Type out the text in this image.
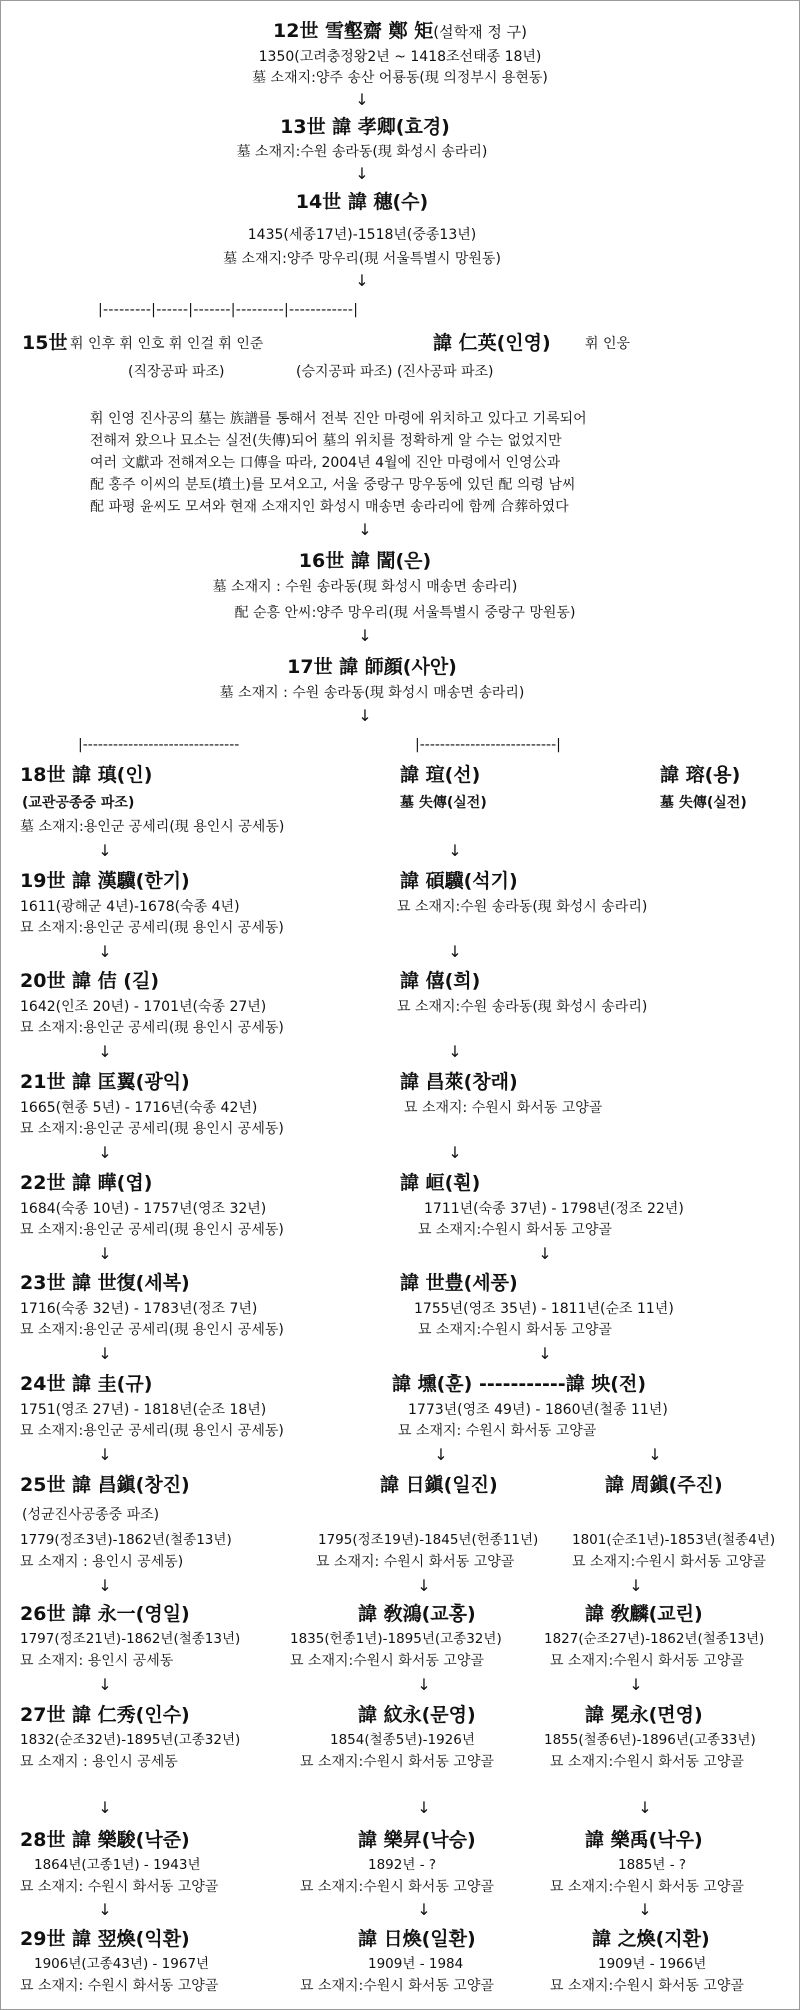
12世 雪壑齋 鄭 矩(설학재 정 구)
1350(고려충정왕2년 ~ 1418조선태종 18년)
墓 소재지:양주 송산 어룡동(現 의정부시 용현동)
↓
13世 諱 孝卿(효경)
墓 소재지:수원 송라동(現 화성시 송라리)
↓
14世 諱 穗(수)
1435(세종17년)-1518년(중종13년)
墓 소재지:양주 망우리(現 서울특별시 망원동)
↓
|---------|------|-------|---------|------------|
15世 휘 인후 휘 인호 휘 인걸 휘 인준	諱 仁英(인영) 휘 인웅
(직장공파 파조)	(승지공파 파조) (진사공파 파조)
휘 인영 진사공의 墓는 族譜를 통해서 전북 진안 마령에 위치하고 있다고 기록되어
전해져 왔으나 묘소는 실전(失傳)되어 墓의 위치를 정확하게 알 수는 없었지만
여러 文獻과 전해져오는 口傳을 따라, 2004년 4월에 진안 마령에서 인영公과
配 홍주 이씨의 분토(墳土)를 모셔오고, 서울 중랑구 망우동에 있던 配 의령 남씨
配 파평 윤씨도 모셔와 현재 소재지인 화성시 매송면 송라리에 함께 合葬하였다
↓
16世 諱 誾(은)
墓 소재지 : 수원 송라동(現 화성시 매송면 송라리)
配 순흥 안씨:양주 망우리(現 서울특별시 중랑구 망원동)
↓
17世 諱 師顔(사안)
墓 소재지 : 수원 송라동(現 화성시 매송면 송라리)
↓
|-------------------------------	|---------------------------|
18世 諱 瑱(인)
(교관공종중 파조)
墓 소재지:용인군 공세리(現 용인시 공세동)
↓
19世 諱 漢驥(한기)
1611(광해군 4년)-1678(숙종 4년)
묘 소재지:용인군 공세리(現 용인시 공세동)
↓
20世 諱 佶 (길)
1642(인조 20년) - 1701년(숙종 27년)
묘 소재지:용인군 공세리(現 용인시 공세동)
↓
21世 諱 匡翼(광익)
1665(현종 5년) - 1716년(숙종 42년)
묘 소재지:용인군 공세리(現 용인시 공세동)
↓
22世 諱 曄(엽)
1684(숙종 10년) - 1757년(영조 32년)
묘 소재지:용인군 공세리(現 용인시 공세동)
↓
23世 諱 世復(세복)
1716(숙종 32년) - 1783년(정조 7년)
묘 소재지:용인군 공세리(現 용인시 공세동)
↓
24世 諱 圭(규)
1751(영조 27년) - 1818년(순조 18년)
묘 소재지:용인군 공세리(現 용인시 공세동)
↓
25世 諱 昌鎭(창진)
(성균진사공종중 파조)
1779(정조3년)-1862년(철종13년)
묘 소재지 : 용인시 공세동)
↓
26世 諱 永一(영일)
1797(정조21년)-1862년(철종13년)
묘 소재지: 용인시 공세동
↓
27世 諱 仁秀(인수)
1832(순조32년)-1895년(고종32년)
묘 소재지 : 용인시 공세동
↓
28世 諱 樂駿(낙준)
1864년(고종1년) - 1943년
묘 소재지: 수원시 화서동 고양골
↓
29世 諱 翌煥(익환)
1906년(고종43년) - 1967년
묘 소재지: 수원시 화서동 고양골
諱 瑄(선)
墓 失傳(실전)
↓
諱 碩驥(석기)
묘 소재지:수원 송라동(現 화성시 송라리)
↓
諱 僖(희)
묘 소재지:수원 송라동(現 화성시 송라리)
↓
諱 昌萊(창래)
묘 소재지: 수원시 화서동 고양골
↓
諱 峘(훤)
1711년(숙종 37년) - 1798년(정조 22년)
묘 소재지:수원시 화서동 고양골
↓
諱 世豊(세풍)
1755년(영조 35년) - 1811년(순조 11년)
묘 소재지:수원시 화서동 고양골
↓
諱 壎(훈) -----------諱 坱(전)
1773년(영조 49년) - 1860년(철종 11년)
묘 소재지: 수원시 화서동 고양골
↓	↓
諱 日鎭(일진)
1795(정조19년)-1845년(헌종11년)
묘 소재지: 수원시 화서동 고양골
↓
諱 敎鴻(교홍)
1835(헌종1년)-1895년(고종32년)
묘 소재지:수원시 화서동 고양골
↓
諱 紋永(문영)
1854(철종5년)-1926년
묘 소재지:수원시 화서동 고양골
↓
諱 樂昇(낙승)
1892년 - ?
묘 소재지:수원시 화서동 고양골
↓
諱 日煥(일환)
1909년 - 1984
묘 소재지:수원시 화서동 고양골
諱 瑢(용)
墓 失傳(실전)
諱 周鎭(주진)
1801(순조1년)-1853년(철종4년)
묘 소재지:수원시 화서동 고양골
↓
諱 敎麟(교린)
1827(순조27년)-1862년(철종13년)
묘 소재지:수원시 화서동 고양골
↓
諱 冕永(면영)
1855(철종6년)-1896년(고종33년)
묘 소재지:수원시 화서동 고양골
↓
諱 樂禹(낙우)
1885년 - ?
묘 소재지:수원시 화서동 고양골
↓
諱 之煥(지환)
1909년 - 1966년
묘 소재지:수원시 화서동 고양골
